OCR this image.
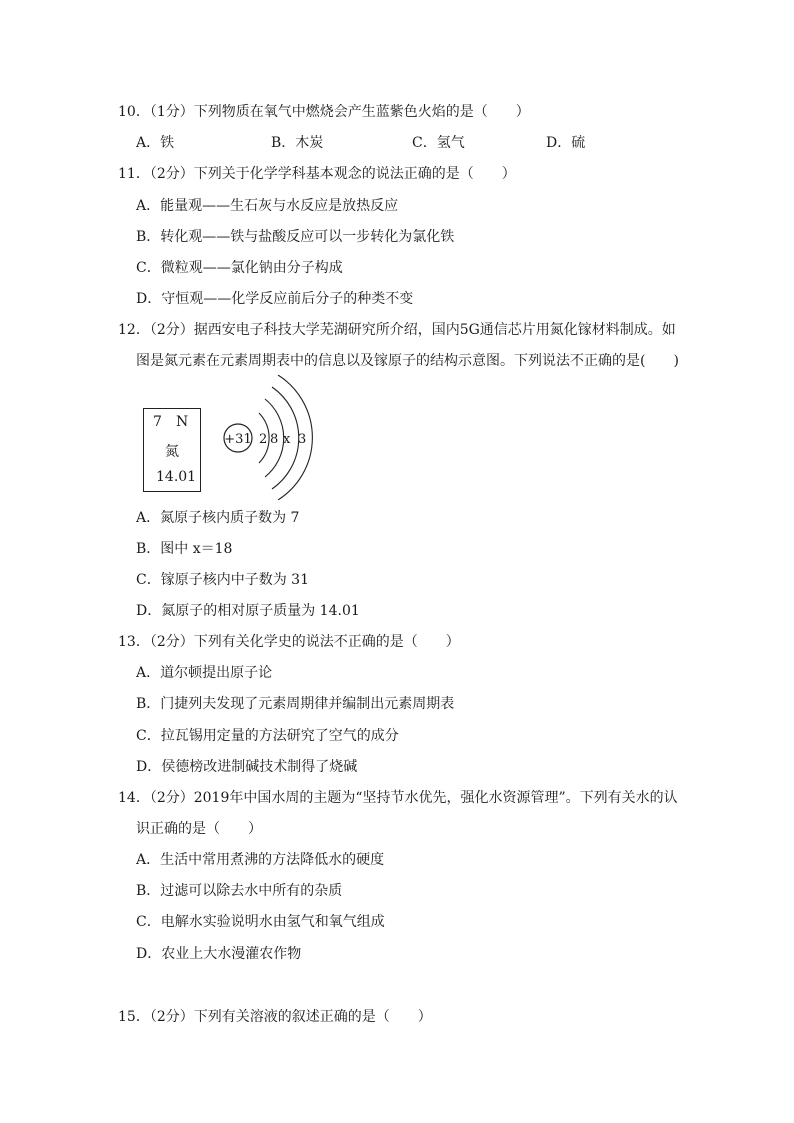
10．（1分）下列物质在氧气中燃烧会产生蓝紫色火焰的是（　　）
A．铁	B．木炭	C．氢气	D．硫
11．（2分）下列关于化学学科基本观念的说法正确的是（　　）
A．能量观——生石灰与水反应是放热反应
B．转化观——铁与盐酸反应可以一步转化为氯化铁
C．微粒观——氯化钠由分子构成
D．守恒观——化学反应前后分子的种类不变
12．（2分）据西安电子科技大学芜湖研究所介绍，国内5G通信芯片用氮化镓材料制成。如
图是氮元素在元素周期表中的信息以及镓原子的结构示意图。下列说法不正确的是(　　)
7 N
氮
14.01
+31 2 8 x 3
A．氮原子核内质子数为 7
B．图中 x＝18
C．镓原子核内中子数为 31
D．氮原子的相对原子质量为 14.01
13．（2分）下列有关化学史的说法不正确的是（　　）
A．道尔顿提出原子论
B．门捷列夫发现了元素周期律并编制出元素周期表
C．拉瓦锡用定量的方法研究了空气的成分
D．侯德榜改进制碱技术制得了烧碱
14．（2分）2019年中国水周的主题为“坚持节水优先，强化水资源管理”。下列有关水的认
识正确的是（　　）
A．生活中常用煮沸的方法降低水的硬度
B．过滤可以除去水中所有的杂质
C．电解水实验说明水由氢气和氧气组成
D．农业上大水漫灌农作物
15．（2分）下列有关溶液的叙述正确的是（　　）
